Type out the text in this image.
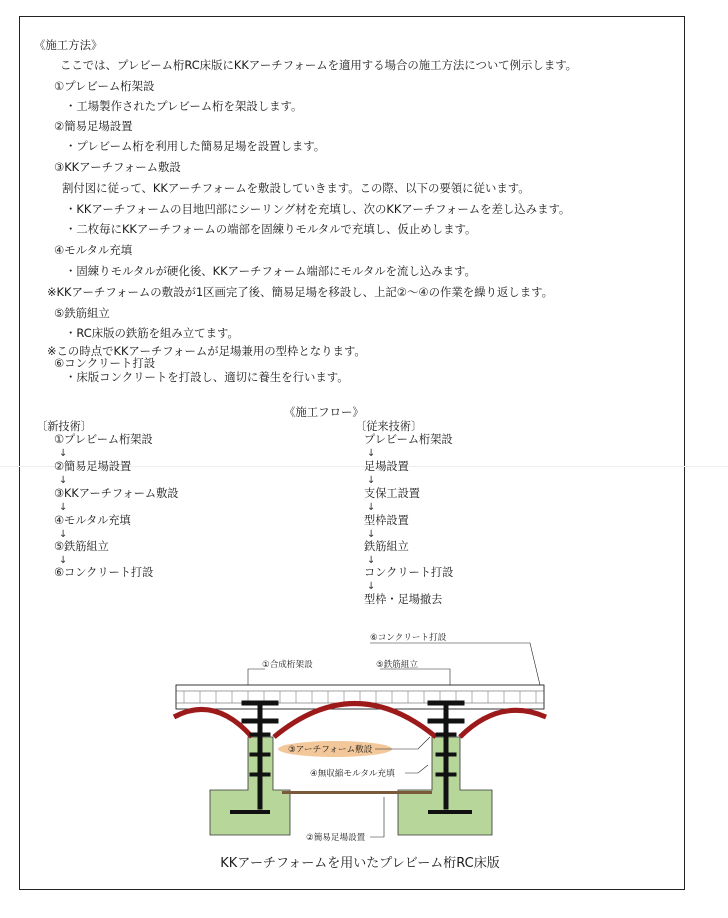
《施工方法》
ここでは、プレビーム桁RC床版にKKアーチフォームを適用する場合の施工方法について例示します。
①プレビーム桁架設
・工場製作されたプレビーム桁を架設します。
②簡易足場設置
・プレビーム桁を利用した簡易足場を設置します。
③KKアーチフォーム敷設
割付図に従って、KKアーチフォームを敷設していきます。この際、以下の要領に従います。
・KKアーチフォームの目地凹部にシーリング材を充填し、次のKKアーチフォームを差し込みます。
・二枚毎にKKアーチフォームの端部を固練りモルタルで充填し、仮止めします。
④モルタル充填
・固練りモルタルが硬化後、KKアーチフォーム端部にモルタルを流し込みます。
※KKアーチフォームの敷設が1区画完了後、簡易足場を移設し、上記②～④の作業を繰り返します。
⑤鉄筋組立
・RC床版の鉄筋を組み立てます。
※この時点でKKアーチフォームが足場兼用の型枠となります。
⑥コンクリート打設
・床版コンクリートを打設し、適切に養生を行います。
《施工フロー》
〔新技術〕
①プレビーム桁架設
↓
②簡易足場設置
↓
③KKアーチフォーム敷設
↓
④モルタル充填
↓
⑤鉄筋組立
↓
⑥コンクリート打設
〔従来技術〕
プレビーム桁架設
↓
足場設置
↓
支保工設置
↓
型枠設置
↓
鉄筋組立
↓
コンクリート打設
↓
型枠・足場撤去
⑥コンクリート打設
①合成桁架設	⑤鉄筋組立
③アーチフォーム敷設
④無収縮モルタル充填
②簡易足場設置
KKアーチフォームを用いたプレビーム桁RC床版
